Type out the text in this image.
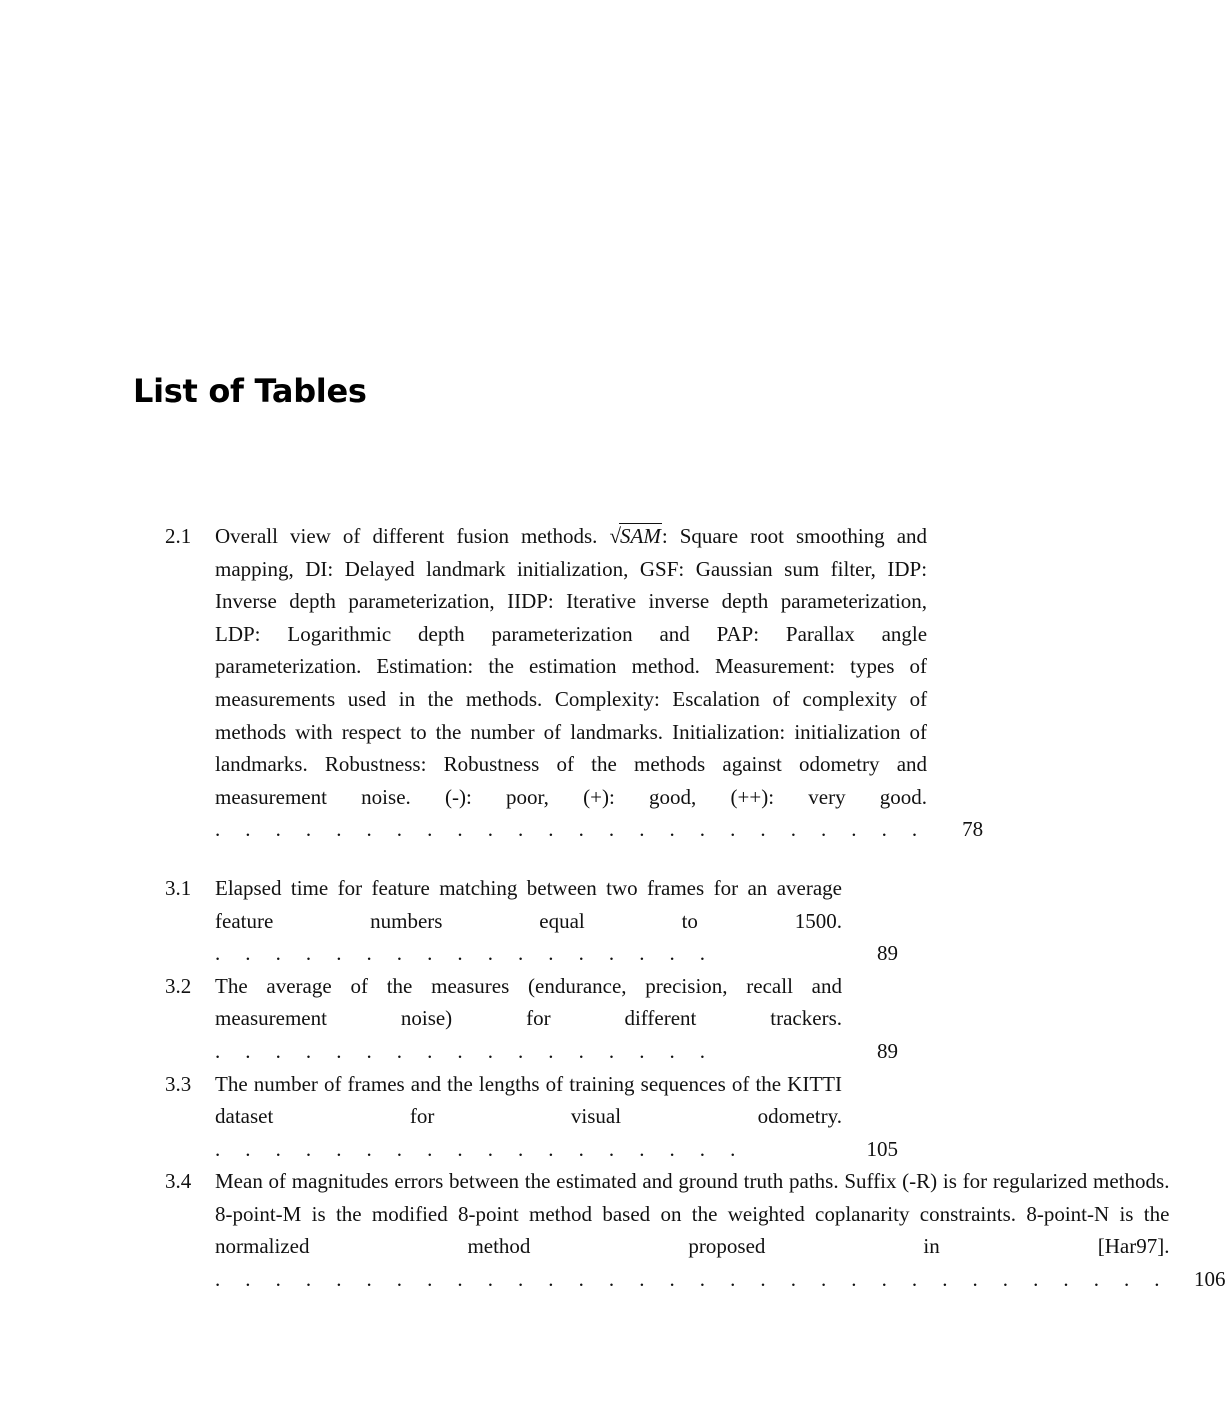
List of Tables
2.1	Overall view of different fusion methods. √SAM: Square root smoothing and mapping, DI: Delayed landmark initialization, GSF: Gaussian sum filter, IDP: Inverse depth parameterization, IIDP: Iterative inverse depth parameterization, LDP: Logarithmic depth parameterization and PAP: Parallax angle parameterization. Estimation: the estimation method. Measurement: types of measurements used in the methods. Complexity: Escalation of complexity of methods with respect to the number of landmarks. Initialization: initialization of landmarks. Robustness: Robustness of the methods against odometry and measurement noise. (-): poor, (+): good, (++): very good. . . . . . . . . . . . . . . . . . . . . . . . .	78
3.1	Elapsed time for feature matching between two frames for an average feature numbers equal to 1500. . . . . . . . . . . . . . . . . .	89
3.2	The average of the measures (endurance, precision, recall and measurement noise) for different trackers. . . . . . . . . . . . . . . . . .	89
3.3	The number of frames and the lengths of training sequences of the KITTI dataset for visual odometry. . . . . . . . . . . . . . . . . . .	105
3.4	Mean of magnitudes errors between the estimated and ground truth paths. Suffix (-R) is for regularized methods. 8-point-M is the modified 8-point method based on the weighted coplanarity constraints. 8-point-N is the normalized method proposed in [Har97]. . . . . . . . . . . . . . . . . . . . . . . . . . . . . . . . .	106
